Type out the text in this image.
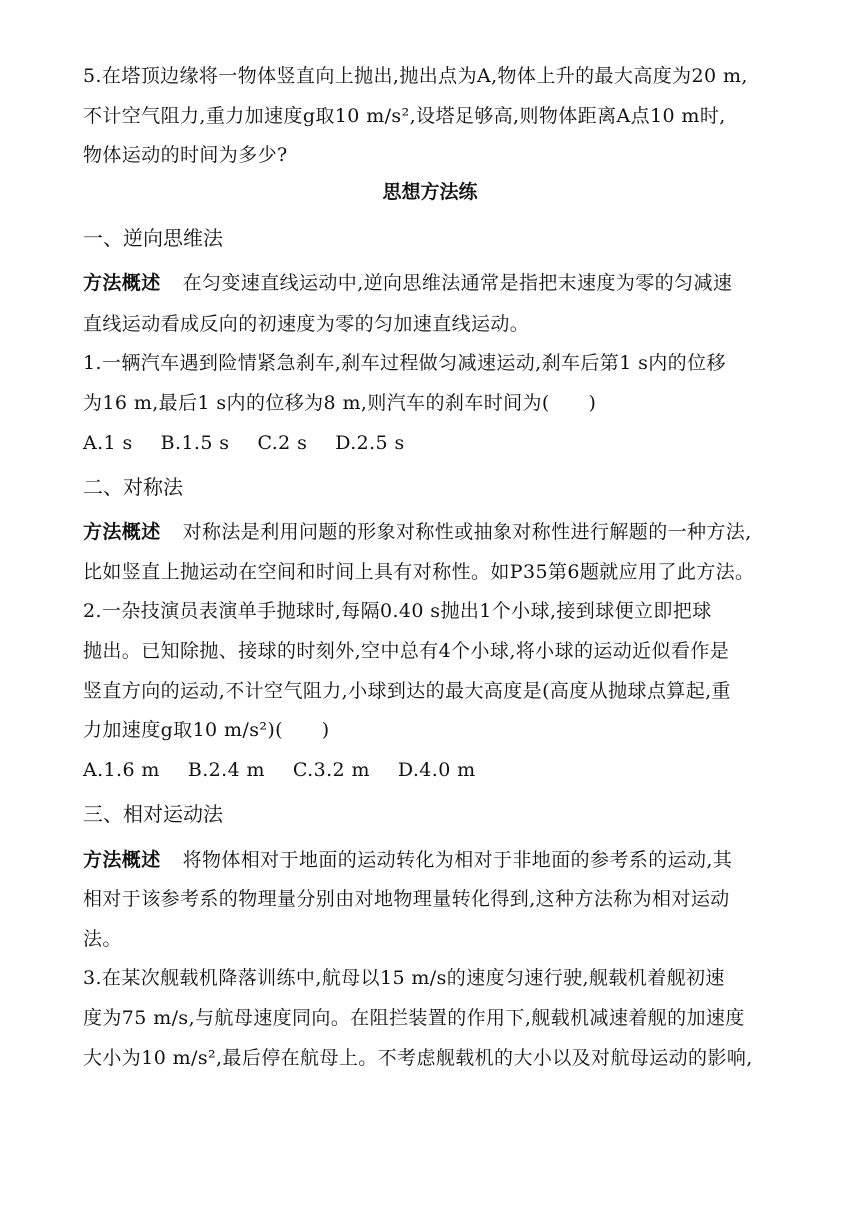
5.在塔顶边缘将一物体竖直向上抛出,抛出点为A,物体上升的最大高度为20 m,
不计空气阻力,重力加速度g取10 m/s²,设塔足够高,则物体距离A点10 m时,
物体运动的时间为多少?
思想方法练
一、逆向思维法
方法概述 在匀变速直线运动中,逆向思维法通常是指把末速度为零的匀减速
直线运动看成反向的初速度为零的匀加速直线运动。
1.一辆汽车遇到险情紧急刹车,刹车过程做匀减速运动,刹车后第1 s内的位移
为16 m,最后1 s内的位移为8 m,则汽车的刹车时间为(　　)
A.1 s B.1.5 s C.2 s D.2.5 s
二、对称法
方法概述 对称法是利用问题的形象对称性或抽象对称性进行解题的一种方法,
比如竖直上抛运动在空间和时间上具有对称性。如P35第6题就应用了此方法。
2.一杂技演员表演单手抛球时,每隔0.40 s抛出1个小球,接到球便立即把球
抛出。已知除抛、接球的时刻外,空中总有4个小球,将小球的运动近似看作是
竖直方向的运动,不计空气阻力,小球到达的最大高度是(高度从抛球点算起,重
力加速度g取10 m/s²)(　　)
A.1.6 m B.2.4 m C.3.2 m D.4.0 m
三、相对运动法
方法概述 将物体相对于地面的运动转化为相对于非地面的参考系的运动,其
相对于该参考系的物理量分别由对地物理量转化得到,这种方法称为相对运动
法。
3.在某次舰载机降落训练中,航母以15 m/s的速度匀速行驶,舰载机着舰初速
度为75 m/s,与航母速度同向。在阻拦装置的作用下,舰载机减速着舰的加速度
大小为10 m/s²,最后停在航母上。不考虑舰载机的大小以及对航母运动的影响,
